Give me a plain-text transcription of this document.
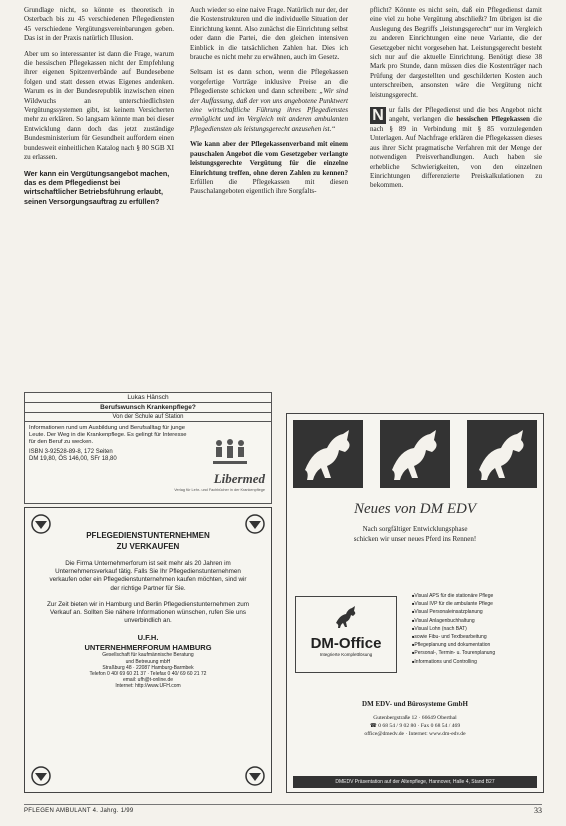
Grundlage nicht, so könnte es theoretisch in Osterbach bis zu 45 verschiedenen Pflegediensten 45 verschiedene Vergütungsvereinbarungen geben. Das ist in der Praxis natürlich Illusion.

Aber um so interessanter ist dann die Frage, warum die hessischen Pflegekassen nicht der Empfehlung ihrer eigenen Spitzenverbände auf Bundesebene folgen und statt dessen etwas Eigenes andenken. Warum es in der Bundesrepublik inzwischen einen Wildwuchs an unterschiedlichsten Vergütungssystemen gibt, ist keinem Versicherten mehr zu erklären. So langsam könnte man bei dieser Entwicklung dann doch das jetzt zuständige Bundesministerium für Gesundheit auffordern einen bundesweit einheitlichen Katalog nach § 80 SGB XI zu erlassen.

Wer kann ein Vergütungsangebot machen, das es dem Pflegedienst bei wirtschaftlicher Betriebsführung erlaubt, seinen Versorgungsauftrag zu erfüllen?

Auch wieder so eine naive Frage. Natürlich nur der, der die Kostenstrukturen und die individuelle Situation der Einrichtung kennt. Also zunächst die Einrichtung selbst oder dann die Partei, die den gleichen intensiven Einblick in die tatsächlichen Zahlen hat. Dies ich brauche es nicht mehr zu erwähnen, auch im Gesetz.

Seltsam ist es dann schon, wenn die Pflegekassen vorgefertige Vorträge inklusive Preise an die Pflegedienste schicken und dann schreiben: „Wir sind der Auffassung, daß der von uns angebotene Punktwert eine wirtschaftliche Führung ihres Pflegedienstes ermöglicht und im Vergleich mit anderen ambulanten Pflegediensten als leistungsgerecht anzusehen ist.“

Wie kann aber der Pflegekassenverband mit einem pauschalen Angebot die vom Gesetzgeber verlangte leistungsgerechte Vergütung für die einzelne Einrichtung treffen, ohne deren Zahlen zu kennen? Erfüllen die Pflegekassen mit diesen Pauschalangeboten eigentlich ihre Sorgfalts-

pflicht? Könnte es nicht sein, daß ein Pflegedienst damit eine viel zu hohe Vergütung abschließt? Im übrigen ist die Auslegung des Begriffs „leistungsgerecht“ nur im Vergleich zu anderen Einrichtungen eine neue Variante, die der Gesetzgeber nicht vorgesehen hat. Leistungsgerecht besteht sich nur auf die aktuelle Einrichtung. Benötigt diese 38 Mark pro Stunde, dann müssen dies die Kostenträger nach Prüfung der dargestellten und geschilderten Kosten auch unterschreiben, ansonsten wäre die Vergütung nicht leistungsgerecht.

N ur falls der Pflegedienst und die bes Angebot nicht angeht, verlangen die hessischen Pflegekassen die nach § 89 in Verbindung mit § 85 vorzulegenden Unterlagen. Auf Nachfrage erklären die Pflegekassen dieses aus ihrer Sicht pragmatische Verfahren mit der Menge der notwendigen Preisverhandlungen. Auch haben sie erhebliche Schwierigkeiten, von den einzelnen Einrichtungen differenzierte Preiskalkulationen zu bekommen.

Lukas Hänsch
Berufswunsch Krankenpflege?
Von der Schule auf Station
Informationen rund um Ausbildung und Berufsalltag für junge Leute. Der Weg in die Krankenpflege. Es gelingt für Interesse für den Beruf zu wecken.
ISBN 3-92528-89-8, 172 Seiten
DM 19,80, ÖS 146,00, SFr 18,80
Libermed
Verlag für Lehr- und Fachbücher in der Krankenpflege
PFLEGEDIENSTUNTERNEHMEN
ZU VERKAUFEN
Die Firma Unternehmerforum ist seit mehr als 20 Jahren im Unternehmensverkauf tätig. Falls Sie Ihr Pflegedienstunternehmen verkaufen oder ein Pflegedienstunternehmen kaufen möchten, sind wir der richtige Partner für Sie.
Zur Zeit bieten wir in Hamburg und Berlin Pflegedienstunternehmen zum Verkauf an. Sollten Sie nähere Informationen wünschen, rufen Sie uns unverbindlich an.
U.F.H.
UNTERNEHMERFORUM HAMBURG
Gesellschaft für kaufmännische Beratung
und Betreuung mbH
Straßburg 48 · 22087 Hamburg-Barmbek
Telefon 0 40/ 69 60 21 37 · Telefax 0 40/ 69 60 21 72
email: ufh@t-online.de
Internet: http://www.UFH.com
Neues von DM EDV
Nach sorgfältiger Entwicklungsphase
schicken wir unser neues Pferd ins Rennen!
DM-Office
Integrierte Komplettlösung
■ Visual APS für die stationäre Pflege
■ Visual IVP für die ambulante Pflege
■ Visual Personaleinsatzplanung
■ Visual Anlagenbuchhaltung
■ Visual Lohn (nach BAT)
■ sowie Fibu- und Textbearbeitung
■ Pflegeplanung und dokumentation
■ Personal-, Termin- u. Tourenplanung
■ Informations und Controlling
DM EDV- und Bürosysteme GmbH
Gutenbergstraße 12 · 66649 Oberthal
☎ 0 68 54 / 9 02 80 · Fax 0 68 54 / 469
office@dmedv.de · Internet: www.dm-edv.de
DMEDV Präsentation auf der Altenpflege, Hannover, Halle 4, Stand B27
PFLEGEN AMBULANT 4. Jahrg. 1/99	33
